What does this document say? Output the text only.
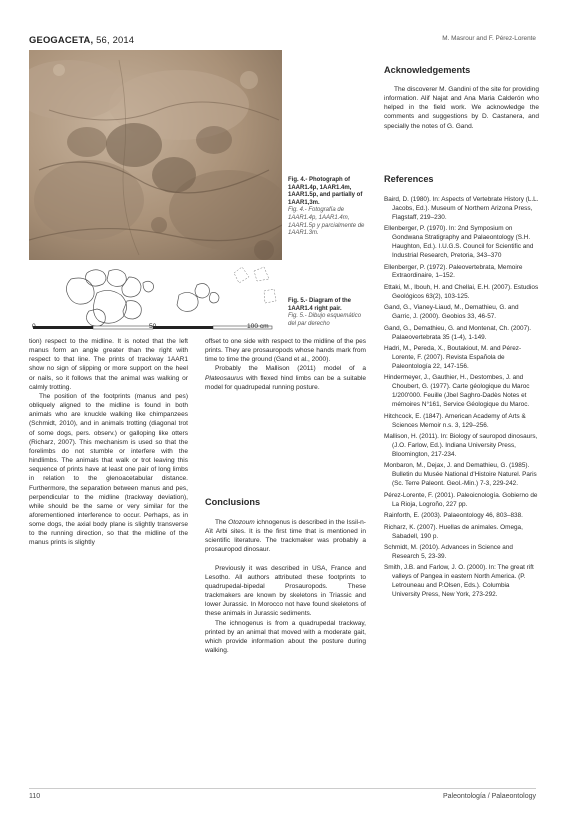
GEOGACETA, 56, 2014	M. Masrour and F. Pérez-Lorente
0	50	100 cm
Fig. 4.- Photograph of 1AAR1.4p, 1AAR1.4m, 1AAR1.5p, and partially of 1AAR1,3m.
Fig. 4.- Fotografía de 1AAR1.4p, 1AAR1.4m, 1AAR1.5p y parcialmente de 1AAR1.3m.
Fig. 5.- Diagram of the 1AAR1.4 right pair.
Fig. 5.- Dibujo esquemático del par derecho

tion) respect to the midline. It is noted that the left manus form an angle greater than the right with respect to that line. The prints of trackway 1AAR1 show no sign of slipping or more support on the heel or nails, so it follows that the animal was walking or calmly trotting.

The position of the footprints (manus and pes) obliquely aligned to the midline is found in both animals who are knuckle walking like chimpanzees (Schmidt, 2010), and in animals trotting (diagonal trot of some dogs, pers. observ.) or galloping like otters (Richarz, 2007). This mechanism is used so that the forelimbs do not stumble or interfere with the hindlimbs. The animals that walk or trot leaving this sequence of prints have at least one pair of long limbs in relation to the glenoacetabular distance. Furthermore, the separation between manus and pes, perpendicular to the midline (trackway deviation), while should be the same or very similar for the aforementioned interference to occur. Perhaps, as in some dogs, the axial body plane is slightly transverse to the running direction, so that the midline of the manus prints is slightly

offset to one side with respect to the midline of the pes prints. They are prosauropods whose hands mark from time to time the ground (Gand et al., 2000).

Probably the Mallison (2011) model of a Plateosaurus with flexed hind limbs can be a suitable model for quadrupedal running posture.

Conclusions

The Otozoum ichnogenus is described in the Issil-n-Aït Arbi sites. It is the first time that is mentioned in scientific literature. The trackmaker was probably a prosauropod dinosaur.

Previously it was described in USA, France and Lesotho. All authors attributed these footprints to quadrupedal-bipedal Prosauropods. These trackmakers are known by skeletons in Triassic and lower Jurassic. In Morocco not have found skeletons of these animals in Jurassic sediments.

The ichnogenus is from a quadrupedal trackway, printed by an animal that moved with a moderate gait, which provide information about the posture during walking.

Acknowledgements

The discoverer M. Gandini of the site for providing information. Alif Najat and Ana Maria Calderón who helped in the field work. We acknowledge the comments and suggestions by D. Castanera, and specially the notes of G. Gand.

References

Baird, D. (1980). In: Aspects of Vertebrate History (L.L. Jacobs, Ed.). Museum of Northern Arizona Press, Flagstaff, 219–230.

Ellenberger, P. (1970). In: 2nd Symposium on Gondwana Stratigraphy and Palaeontology (S.H. Haughton, Ed.). I.U.G.S. Council for Scientific and Industrial Research, Pretoria, 343–370

Ellenberger, P. (1972). Paleovertebrata, Memoire Extraordinaire, 1–152.

Ettaki, M., Ibouh, H. and Chellai, E.H. (2007). Estudios Geológicos 63(2), 103-125.

Gand, G., Vianey-Liaud, M., Demathieu, G. and Garric, J. (2000). Geobios 33, 46-57.

Gand, G., Demathieu, G. and Montenat, Ch. (2007). Palaeovertebrata 35 (1-4), 1-149.

Hadri, M., Pereda, X., Boutakiout, M. and Pérez-Lorente, F. (2007). Revista Española de Paleontología 22, 147-156.

Hindermeyer, J., Gauthier, H., Destombes, J. and Choubert, G. (1977). Carte géologique du Maroc 1/200'000. Feuille (Jbel Saghro-Dadès Notes et mémoires N°161, Service Géologique du Maroc.

Hitchcock, E. (1847). American Academy of Arts & Sciences Memoir n.s. 3, 129–256.

Mallison, H. (2011). In: Biology of sauropod dinosaurs, (J.O. Farlow, Ed.). Indiana University Press, Bloomington, 217-234.

Monbaron, M., Dejax, J. and Demathieu, G. (1985). Bulletin du Musée National d'Histoire Naturel. Paris (Sc. Terre Paleont. Geol.-Min.) 7-3, 229-242.

Pérez-Lorente, F. (2001). Paleoicnología. Gobierno de La Rioja, Logroño, 227 pp.

Rainforth, E. (2003). Palaeontology 46, 803–838.

Richarz, K. (2007). Huellas de animales. Omega, Sabadell, 190 p.

Schmidt, M. (2010). Advances in Science and Research 5, 23-39.

Smith, J.B. and Farlow, J. O. (2000). In: The great rift valleys of Pangea in eastern North America. (P. Letrouneau and P.Olsen, Eds.). Columbia University Press, New York, 273-292.

110	Paleontología / Palaeontology
